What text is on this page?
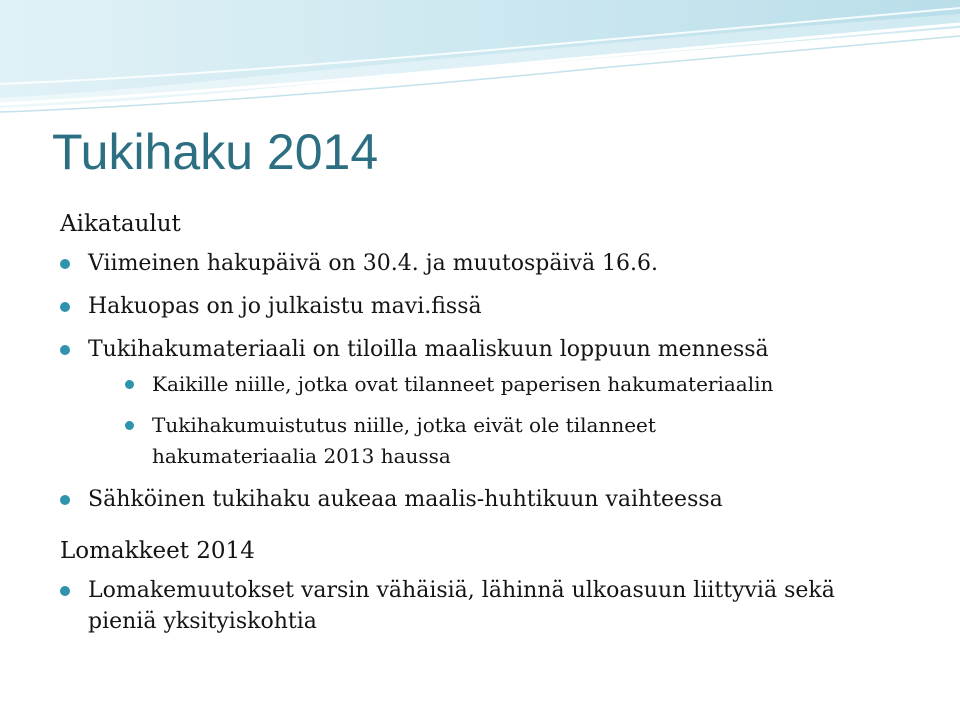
Tukihaku 2014
Aikataulut
Viimeinen hakupäivä on 30.4. ja muutospäivä 16.6.
Hakuopas on jo julkaistu mavi.fissä
Tukihakumateriaali on tiloilla maaliskuun loppuun mennessä
Kaikille niille, jotka ovat tilanneet paperisen hakumateriaalin
Tukihakumuistutus niille, jotka eivät ole tilanneet hakumateriaalia 2013 haussa
Sähköinen tukihaku aukeaa maalis-huhtikuun vaihteessa
Lomakkeet 2014
Lomakemuutokset varsin vähäisiä, lähinnä ulkoasuun liittyviä sekä pieniä yksityiskohtia
